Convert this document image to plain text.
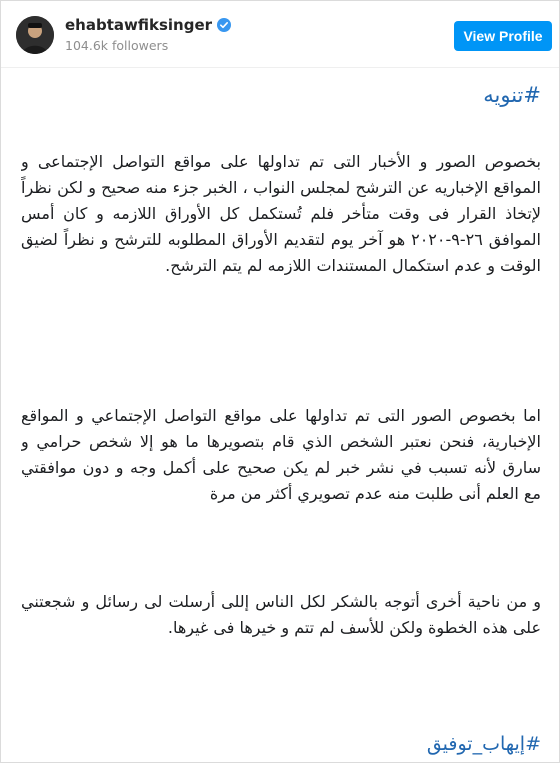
ehabtawfiksinger
104.6k followers
View Profile
#تنويه

بخصوص الصور و الأخبار التى تم تداولها على مواقع التواصل الإجتماعى و المواقع الإخباريه عن الترشح لمجلس النواب ، الخبر جزء منه صحيح و لكن نظراً لإتخاذ القرار فى وقت متأخر فلم تُستكمل كل الأوراق اللازمه و كان أمس الموافق ٢٦-٩-٢٠٢٠ هو آخر يوم لتقديم الأوراق المطلوبه للترشح و نظراً لضيق الوقت و عدم استكمال المستندات اللازمه لم يتم الترشح.

اما بخصوص الصور التى تم تداولها على مواقع التواصل الإجتماعي و المواقع الإخبارية، فنحن نعتبر الشخص الذي قام بتصويرها ما هو إلا شخص حرامي و سارق لأنه تسبب في نشر خبر لم يكن صحيح على أكمل وجه و دون موافقتي مع العلم أنى طلبت منه عدم تصويري أكثر من مرة

و من ناحية أخرى أتوجه بالشكر لكل الناس إللى أرسلت لى رسائل و شجعتني على هذه الخطوة ولكن للأسف لم تتم و خيرها فى غيرها.

#إيهاب_توفيق
